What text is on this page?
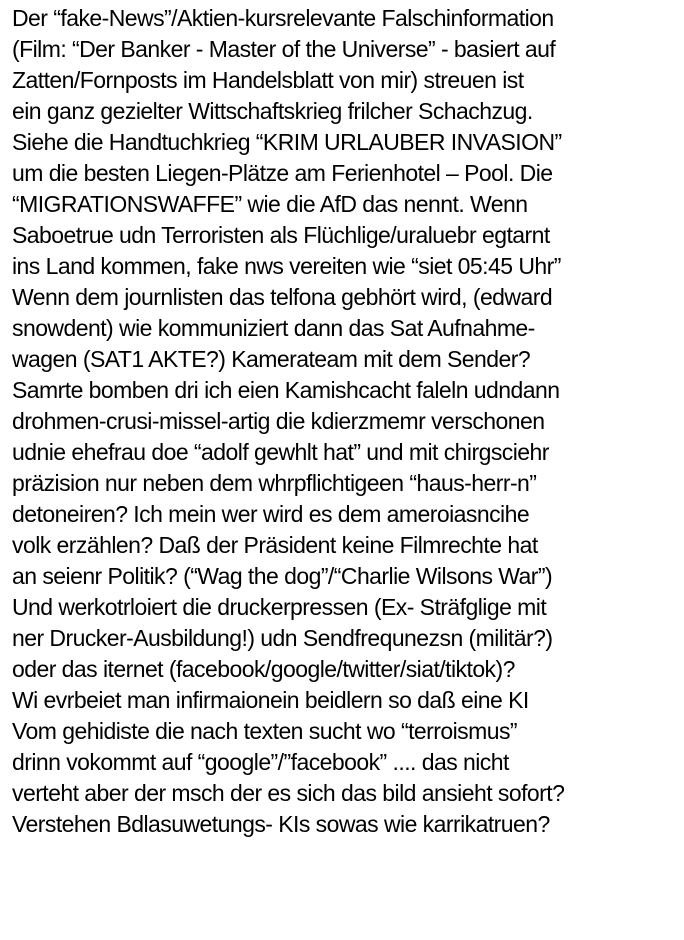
Der “fake-News”/Aktien-kursrelevante Falschinformation
(Film: “Der Banker - Master of the Universe” - basiert auf
Zatten/Fornposts im Handelsblatt von mir) streuen ist
ein ganz gezielter Wittschaftskrieg frilcher Schachzug.
Siehe die Handtuchkrieg “KRIM URLAUBER INVASION”
um die besten Liegen-Plätze am Ferienhotel – Pool. Die
“MIGRATIONSWAFFE” wie die AfD das nennt. Wenn
Saboetrue udn Terroristen als Flüchlige/uraluebr egtarnt
ins Land kommen, fake nws vereiten wie “siet 05:45 Uhr”
Wenn dem journlisten das telfona gebhört wird, (edward
snowdent) wie kommuniziert dann das Sat Aufnahme-
wagen (SAT1 AKTE?) Kamerateam mit dem Sender?
Samrte bomben dri ich eien Kamishcacht faleln udndann
drohmen-crusi-missel-artig die kdierzmemr verschonen
udnie ehefrau doe “adolf gewhlt hat” und mit chirgsciehr
präzision nur neben dem whrpflichtigeen “haus-herr-n”
detoneiren? Ich mein wer wird es dem ameroiasncihe
volk erzählen? Daß der Präsident keine Filmrechte hat
an seienr Politik? (“Wag the dog”/“Charlie Wilsons War”)
Und werkotrloiert die druckerpressen (Ex- Sträfglige mit
ner Drucker-Ausbildung!) udn Sendfrequnezsn (militär?)
oder das iternet (facebook/google/twitter/siat/tiktok)?
Wi evrbeiet man infirmaionein beidlern so daß eine KI
Vom gehidiste die nach texten sucht wo “terroismus”
drinn vokommt auf “google”/”facebook” .... das nicht
verteht aber der msch der es sich das bild ansieht sofort?
Verstehen Bdlasuwetungs- KIs sowas wie karrikatruen?
